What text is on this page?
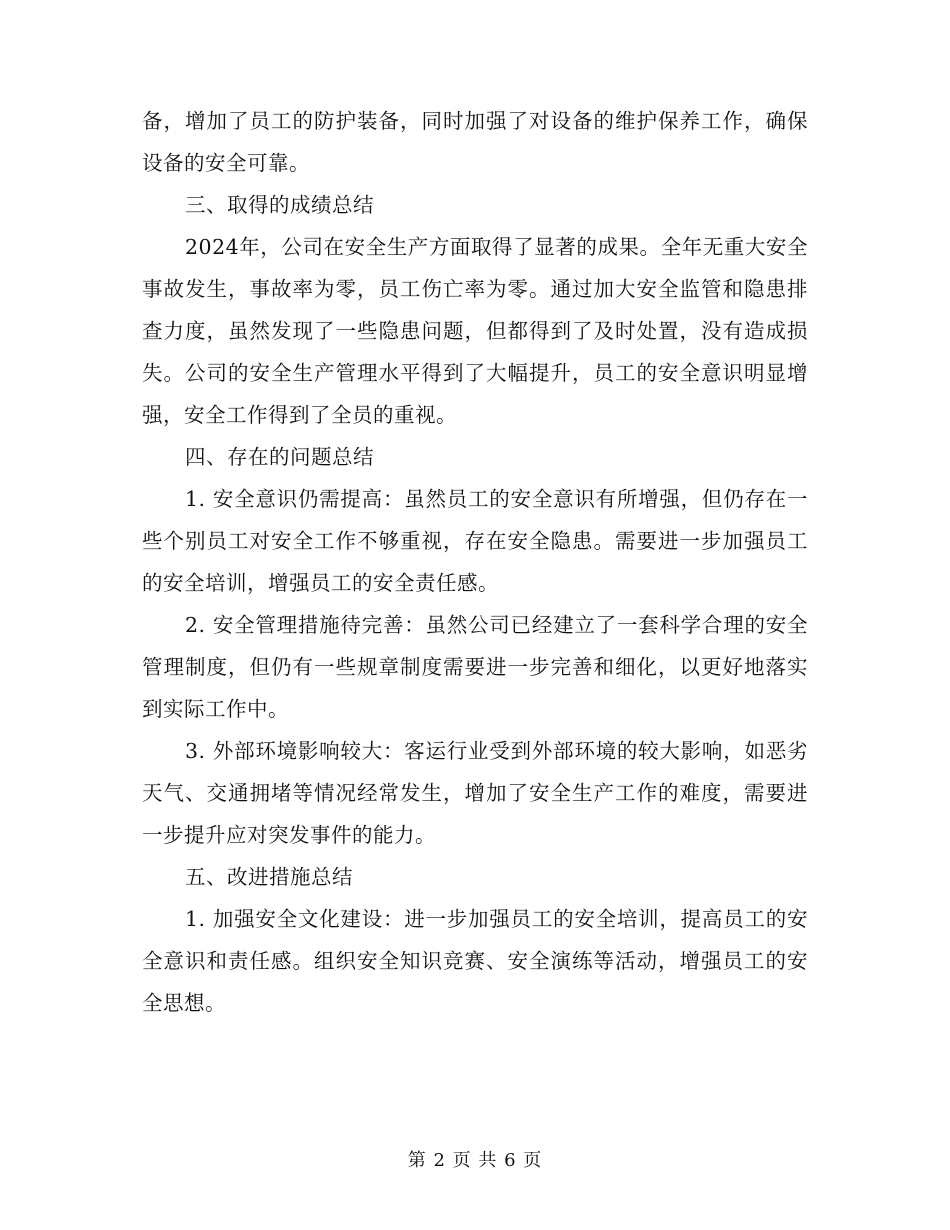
备，增加了员工的防护装备，同时加强了对设备的维护保养工作，确保设备的安全可靠。

三、取得的成绩总结

2024年，公司在安全生产方面取得了显著的成果。全年无重大安全事故发生，事故率为零，员工伤亡率为零。通过加大安全监管和隐患排查力度，虽然发现了一些隐患问题，但都得到了及时处置，没有造成损失。公司的安全生产管理水平得到了大幅提升，员工的安全意识明显增强，安全工作得到了全员的重视。

四、存在的问题总结

1. 安全意识仍需提高：虽然员工的安全意识有所增强，但仍存在一些个别员工对安全工作不够重视，存在安全隐患。需要进一步加强员工的安全培训，增强员工的安全责任感。

2. 安全管理措施待完善：虽然公司已经建立了一套科学合理的安全管理制度，但仍有一些规章制度需要进一步完善和细化，以更好地落实到实际工作中。

3. 外部环境影响较大：客运行业受到外部环境的较大影响，如恶劣天气、交通拥堵等情况经常发生，增加了安全生产工作的难度，需要进一步提升应对突发事件的能力。

五、改进措施总结

1. 加强安全文化建设：进一步加强员工的安全培训，提高员工的安全意识和责任感。组织安全知识竞赛、安全演练等活动，增强员工的安全思想。

第 2 页 共 6 页
